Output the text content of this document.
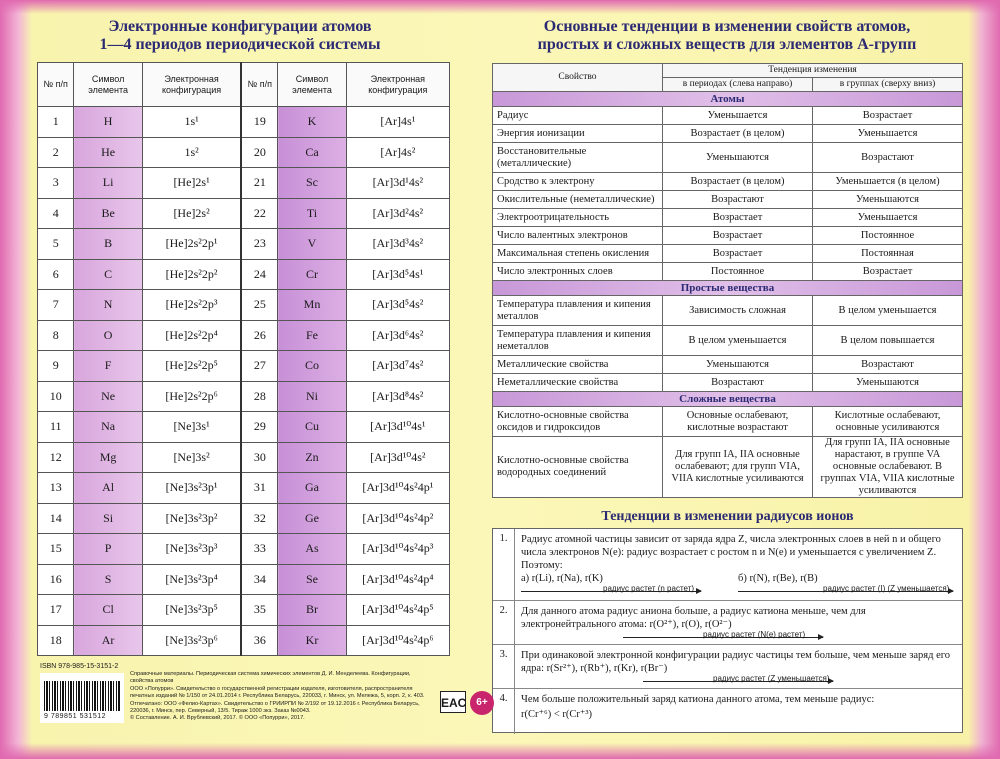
Электронные конфигурации атомов
1—4 периодов периодической системы
№ п/п	Символ элемента	Электронная конфигурация	№ п/п	Символ элемента	Электронная конфигурация
1	H	1s¹	19	K	[Ar]4s¹
2	He	1s²	20	Ca	[Ar]4s²
3	Li	[He]2s¹	21	Sc	[Ar]3d¹4s²
4	Be	[He]2s²	22	Ti	[Ar]3d²4s²
5	B	[He]2s²2p¹	23	V	[Ar]3d³4s²
6	C	[He]2s²2p²	24	Cr	[Ar]3d⁵4s¹
7	N	[He]2s²2p³	25	Mn	[Ar]3d⁵4s²
8	O	[He]2s²2p⁴	26	Fe	[Ar]3d⁶4s²
9	F	[He]2s²2p⁵	27	Co	[Ar]3d⁷4s²
10	Ne	[He]2s²2p⁶	28	Ni	[Ar]3d⁸4s²
11	Na	[Ne]3s¹	29	Cu	[Ar]3d¹⁰4s¹
12	Mg	[Ne]3s²	30	Zn	[Ar]3d¹⁰4s²
13	Al	[Ne]3s²3p¹	31	Ga	[Ar]3d¹⁰4s²4p¹
14	Si	[Ne]3s²3p²	32	Ge	[Ar]3d¹⁰4s²4p²
15	P	[Ne]3s²3p³	33	As	[Ar]3d¹⁰4s²4p³
16	S	[Ne]3s²3p⁴	34	Se	[Ar]3d¹⁰4s²4p⁴
17	Cl	[Ne]3s²3p⁵	35	Br	[Ar]3d¹⁰4s²4p⁵
18	Ar	[Ne]3s²3p⁶	36	Kr	[Ar]3d¹⁰4s²4p⁶
Основные тенденции в изменении свойств атомов,
простых и сложных веществ для элементов А-групп
Свойство	Тенденция изменения	
	в периодах (слева направо)	в группах (сверху вниз)
Атомы		
Радиус	Уменьшается	Возрастает
Энергия ионизации	Возрастает (в целом)	Уменьшается
Восстановительные (металлические)	Уменьшаются	Возрастают
Сродство к электрону	Возрастает (в целом)	Уменьшается (в целом)
Окислительные (неметаллические)	Возрастают	Уменьшаются
Электроотрицательность	Возрастает	Уменьшается
Число валентных электронов	Возрастает	Постоянное
Максимальная степень окисления	Возрастает	Постоянная
Число электронных слоев	Постоянное	Возрастает
Простые вещества		
Температура плавления и кипения металлов	Зависимость сложная	В целом уменьшается
Температура плавления и кипения неметаллов	В целом уменьшается	В целом повышается
Металлические свойства	Уменьшаются	Возрастают
Неметаллические свойства	Возрастают	Уменьшаются
Сложные вещества		
Кислотно-основные свойства оксидов и гидроксидов	Основные ослабевают, кислотные возрастают	Кислотные ослабевают, основные усиливаются
Кислотно-основные свойства водородных соединений	Для групп IA, IIA основные ослабевают; для групп VIA, VIIA кислотные усиливаются	Для групп IA, IIA основные нарастают, в группе VA основные ослабевают. В группах VIA, VIIA кислотные усиливаются
Тенденции в изменении радиусов ионов
1.	Радиус атомной частицы зависит от заряда ядра Z, числа электронных слоев в ней n и общего числа электронов N(e): радиус возрастает с ростом n и N(e) и уменьшается с увеличением Z. Поэтому:
а) r(Li), r(Na), r(K)
радиус растет (n растет)
б) r(N), r(Be), r(B)
радиус растет (I) (Z уменьшается)
2.	Для данного атома радиус аниона больше, а радиус катиона меньше, чем для электронейтрального атома: r(O²⁺), r(O), r(O²⁻)
радиус растет (N(e) растет)
3.	При одинаковой электронной конфигурации радиус частицы тем больше, чем меньше заряд его ядра: r(Sr²⁺), r(Rb⁺), r(Kr), r(Br⁻)
радиус растет (Z уменьшается)
4.	Чем больше положительный заряд катиона данного атома, тем меньше радиус:
r(Cr⁺⁶) < r(Cr⁺³)
ISBN 978-985-15-3151-2
9 789851 531512
Справочные материалы. Периодическая система химических элементов Д. И. Менделеева. Конфигурации, свойства атомов
ООО «Попурри». Свидетельство о государственной регистрации издателя, изготовителя, распространителя
печатных изданий № 1/150 от 24.01.2014 г. Республика Беларусь, 220033, г. Минск, ул. Мележа, 5, корп. 2, к. 403.
Отпечатано: ООО «Фелио-Картах». Свидетельство о ГРИИРПИ № 2/192 от 19.12.2016 г. Республика Беларусь,
220036, г. Минск, пер. Северный, 13/5. Тираж 1000 экз. Заказ №0043.
© Составление. А. И. Врублевский, 2017. © ООО «Попурри», 2017.
EAC 6+
